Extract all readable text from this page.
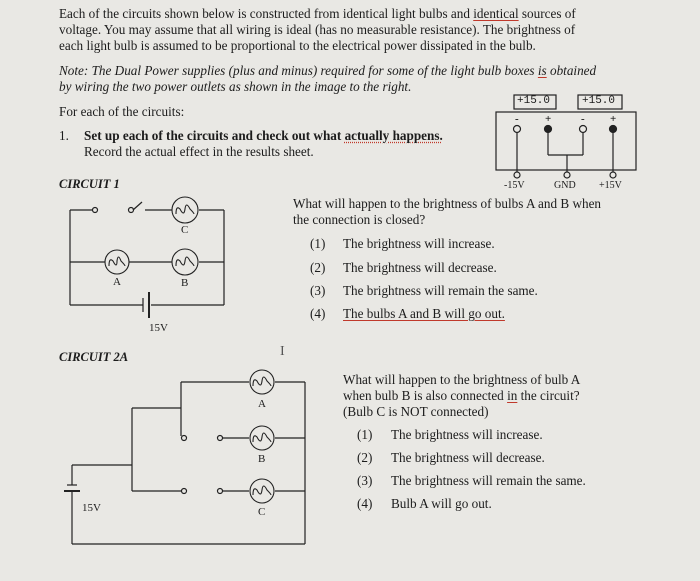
Each of the circuits shown below is constructed from identical light bulbs and identical sources of
voltage. You may assume that all wiring is ideal (has no measurable resistance). The brightness of
each light bulb is assumed to be proportional to the electrical power dissipated in the bulb.
Note: The Dual Power supplies (plus and minus) required for some of the light bulb boxes is obtained
by wiring the two power outlets as shown in the image to the right.
For each of the circuits:
1. Set up each of the circuits and check out what actually happens.
Record the actual effect in the results sheet.
+15.0	+15.0
- +	- +
-15V	GND +15V
CIRCUIT 1
C
A	B
15V
What will happen to the brightness of bulbs A and B when
the connection is closed?
(1) The brightness will increase.
(2) The brightness will decrease.
(3) The brightness will remain the same.
(4) The bulbs A and B will go out.
I
CIRCUIT 2A
A
B
C
15V
What will happen to the brightness of bulb A
when bulb B is also connected in the circuit?
(Bulb C is NOT connected)
(1) The brightness will increase.
(2) The brightness will decrease.
(3) The brightness will remain the same.
(4) Bulb A will go out.
